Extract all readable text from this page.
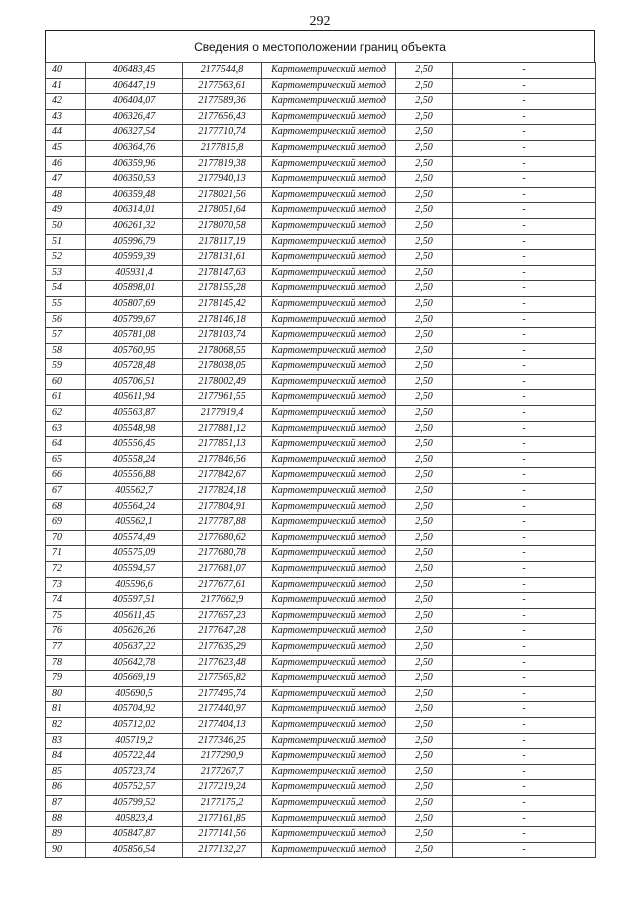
292
Сведения о местоположении границ объекта
40	406483,45	2177544,8	Картометрический метод	2,50	-
41	406447,19	2177563,61	Картометрический метод	2,50	-
42	406404,07	2177589,36	Картометрический метод	2,50	-
43	406326,47	2177656,43	Картометрический метод	2,50	-
44	406327,54	2177710,74	Картометрический метод	2,50	-
45	406364,76	2177815,8	Картометрический метод	2,50	-
46	406359,96	2177819,38	Картометрический метод	2,50	-
47	406350,53	2177940,13	Картометрический метод	2,50	-
48	406359,48	2178021,56	Картометрический метод	2,50	-
49	406314,01	2178051,64	Картометрический метод	2,50	-
50	406261,32	2178070,58	Картометрический метод	2,50	-
51	405996,79	2178117,19	Картометрический метод	2,50	-
52	405959,39	2178131,61	Картометрический метод	2,50	-
53	405931,4	2178147,63	Картометрический метод	2,50	-
54	405898,01	2178155,28	Картометрический метод	2,50	-
55	405807,69	2178145,42	Картометрический метод	2,50	-
56	405799,67	2178146,18	Картометрический метод	2,50	-
57	405781,08	2178103,74	Картометрический метод	2,50	-
58	405760,95	2178068,55	Картометрический метод	2,50	-
59	405728,48	2178038,05	Картометрический метод	2,50	-
60	405706,51	2178002,49	Картометрический метод	2,50	-
61	405611,94	2177961,55	Картометрический метод	2,50	-
62	405563,87	2177919,4	Картометрический метод	2,50	-
63	405548,98	2177881,12	Картометрический метод	2,50	-
64	405556,45	2177851,13	Картометрический метод	2,50	-
65	405558,24	2177846,56	Картометрический метод	2,50	-
66	405556,88	2177842,67	Картометрический метод	2,50	-
67	405562,7	2177824,18	Картометрический метод	2,50	-
68	405564,24	2177804,91	Картометрический метод	2,50	-
69	405562,1	2177787,88	Картометрический метод	2,50	-
70	405574,49	2177680,62	Картометрический метод	2,50	-
71	405575,09	2177680,78	Картометрический метод	2,50	-
72	405594,57	2177681,07	Картометрический метод	2,50	-
73	405596,6	2177677,61	Картометрический метод	2,50	-
74	405597,51	2177662,9	Картометрический метод	2,50	-
75	405611,45	2177657,23	Картометрический метод	2,50	-
76	405626,26	2177647,28	Картометрический метод	2,50	-
77	405637,22	2177635,29	Картометрический метод	2,50	-
78	405642,78	2177623,48	Картометрический метод	2,50	-
79	405669,19	2177565,82	Картометрический метод	2,50	-
80	405690,5	2177495,74	Картометрический метод	2,50	-
81	405704,92	2177440,97	Картометрический метод	2,50	-
82	405712,02	2177404,13	Картометрический метод	2,50	-
83	405719,2	2177346,25	Картометрический метод	2,50	-
84	405722,44	2177290,9	Картометрический метод	2,50	-
85	405723,74	2177267,7	Картометрический метод	2,50	-
86	405752,57	2177219,24	Картометрический метод	2,50	-
87	405799,52	2177175,2	Картометрический метод	2,50	-
88	405823,4	2177161,85	Картометрический метод	2,50	-
89	405847,87	2177141,56	Картометрический метод	2,50	-
90	405856,54	2177132,27	Картометрический метод	2,50	-
